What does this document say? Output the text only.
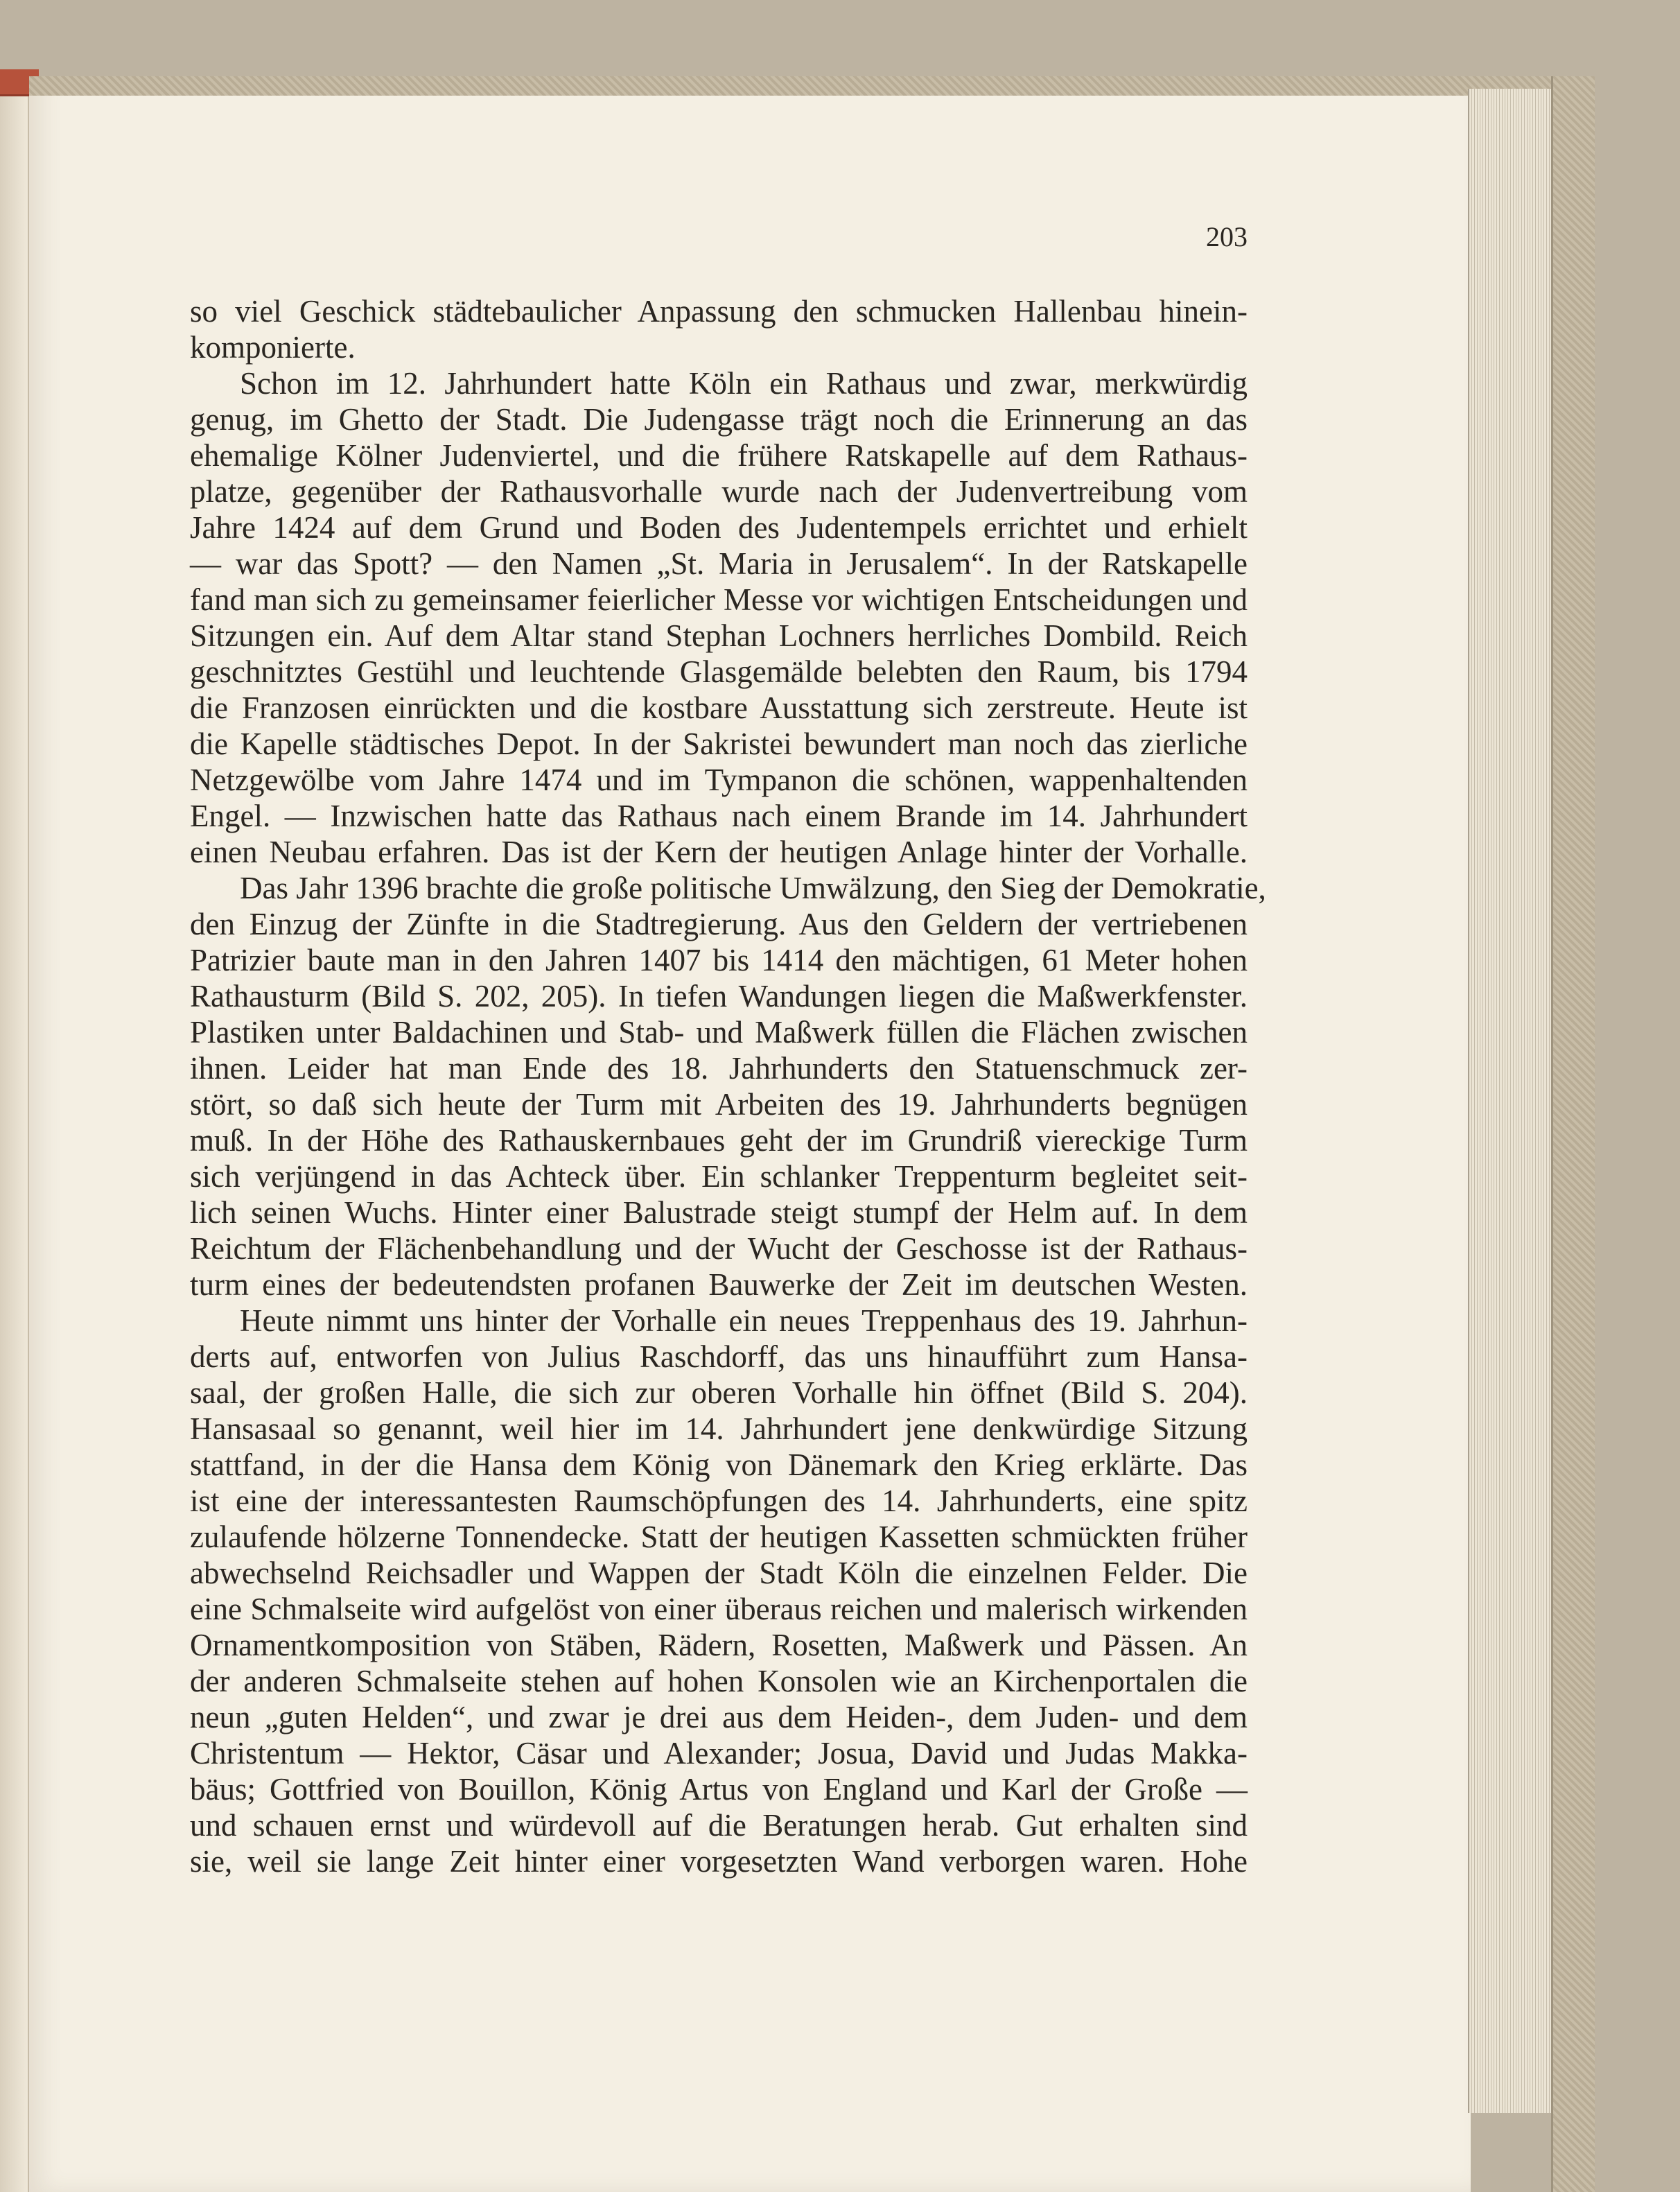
203
so viel Geschick städtebaulicher Anpassung den schmucken Hallenbau hinein-
komponierte.
Schon im 12. Jahrhundert hatte Köln ein Rathaus und zwar, merkwürdig
genug, im Ghetto der Stadt. Die Judengasse trägt noch die Erinnerung an das
ehemalige Kölner Judenviertel, und die frühere Ratskapelle auf dem Rathaus-
platze, gegenüber der Rathausvorhalle wurde nach der Judenvertreibung vom
Jahre 1424 auf dem Grund und Boden des Judentempels errichtet und erhielt
— war das Spott? — den Namen „St. Maria in Jerusalem“. In der Ratskapelle
fand man sich zu gemeinsamer feierlicher Messe vor wichtigen Entscheidungen und
Sitzungen ein. Auf dem Altar stand Stephan Lochners herrliches Dombild. Reich
geschnitztes Gestühl und leuchtende Glasgemälde belebten den Raum, bis 1794
die Franzosen einrückten und die kostbare Ausstattung sich zerstreute. Heute ist
die Kapelle städtisches Depot. In der Sakristei bewundert man noch das zierliche
Netzgewölbe vom Jahre 1474 und im Tympanon die schönen, wappenhaltenden
Engel. — Inzwischen hatte das Rathaus nach einem Brande im 14. Jahrhundert
einen Neubau erfahren. Das ist der Kern der heutigen Anlage hinter der Vorhalle.
Das Jahr 1396 brachte die große politische Umwälzung, den Sieg der Demokratie,
den Einzug der Zünfte in die Stadtregierung. Aus den Geldern der vertriebenen
Patrizier baute man in den Jahren 1407 bis 1414 den mächtigen, 61 Meter hohen
Rathausturm (Bild S. 202, 205). In tiefen Wandungen liegen die Maßwerkfenster.
Plastiken unter Baldachinen und Stab- und Maßwerk füllen die Flächen zwischen
ihnen. Leider hat man Ende des 18. Jahrhunderts den Statuenschmuck zer-
stört, so daß sich heute der Turm mit Arbeiten des 19. Jahrhunderts begnügen
muß. In der Höhe des Rathauskernbaues geht der im Grundriß viereckige Turm
sich verjüngend in das Achteck über. Ein schlanker Treppenturm begleitet seit-
lich seinen Wuchs. Hinter einer Balustrade steigt stumpf der Helm auf. In dem
Reichtum der Flächenbehandlung und der Wucht der Geschosse ist der Rathaus-
turm eines der bedeutendsten profanen Bauwerke der Zeit im deutschen Westen.
Heute nimmt uns hinter der Vorhalle ein neues Treppenhaus des 19. Jahrhun-
derts auf, entworfen von Julius Raschdorff, das uns hinaufführt zum Hansa-
saal, der großen Halle, die sich zur oberen Vorhalle hin öffnet (Bild S. 204).
Hansasaal so genannt, weil hier im 14. Jahrhundert jene denkwürdige Sitzung
stattfand, in der die Hansa dem König von Dänemark den Krieg erklärte. Das
ist eine der interessantesten Raumschöpfungen des 14. Jahrhunderts, eine spitz
zulaufende hölzerne Tonnendecke. Statt der heutigen Kassetten schmückten früher
abwechselnd Reichsadler und Wappen der Stadt Köln die einzelnen Felder. Die
eine Schmalseite wird aufgelöst von einer überaus reichen und malerisch wirkenden
Ornamentkomposition von Stäben, Rädern, Rosetten, Maßwerk und Pässen. An
der anderen Schmalseite stehen auf hohen Konsolen wie an Kirchenportalen die
neun „guten Helden“, und zwar je drei aus dem Heiden-, dem Juden- und dem
Christentum — Hektor, Cäsar und Alexander; Josua, David und Judas Makka-
bäus; Gottfried von Bouillon, König Artus von England und Karl der Große —
und schauen ernst und würdevoll auf die Beratungen herab. Gut erhalten sind
sie, weil sie lange Zeit hinter einer vorgesetzten Wand verborgen waren. Hohe
